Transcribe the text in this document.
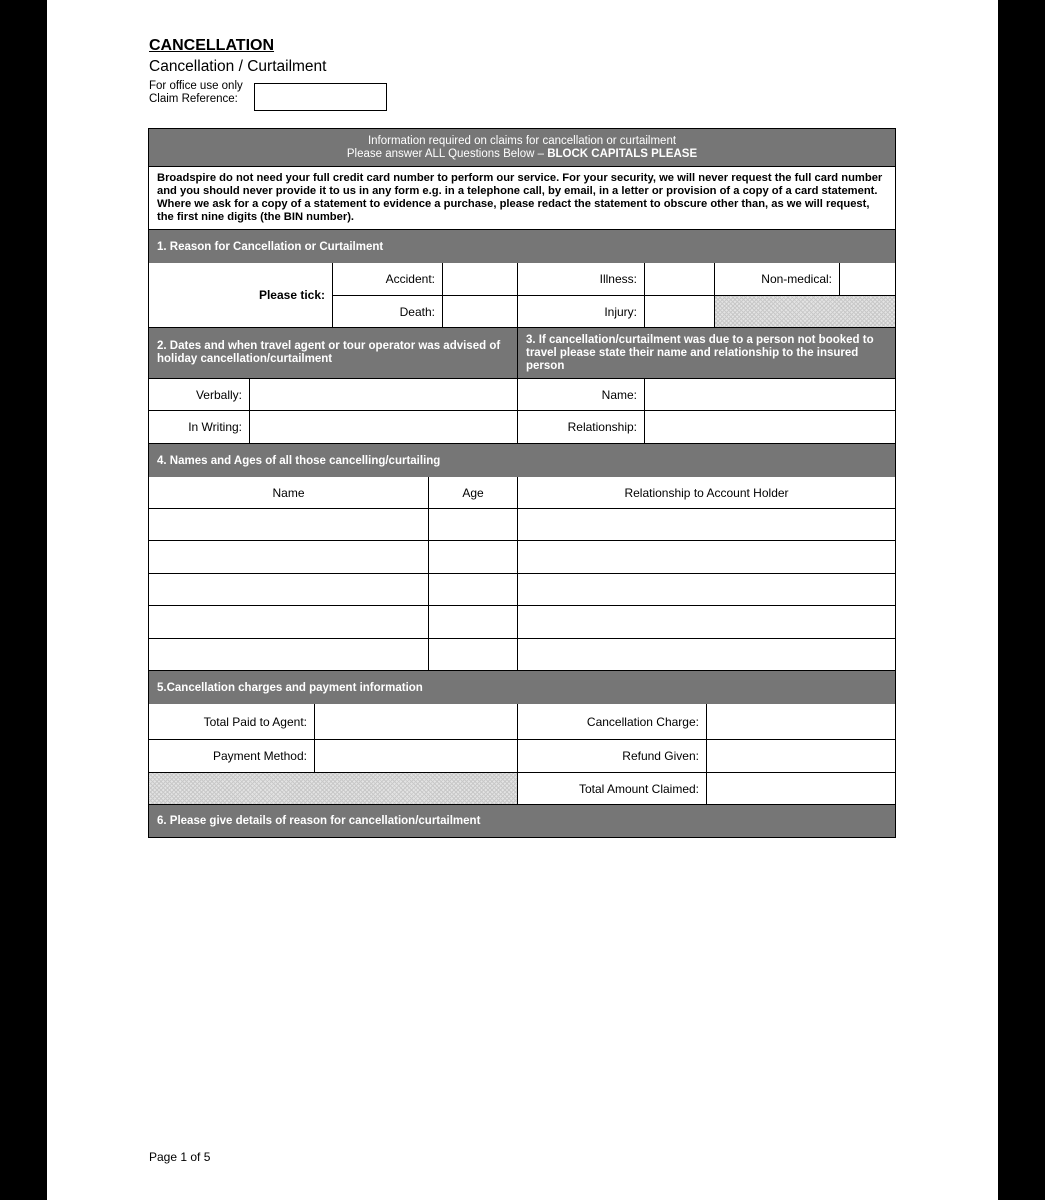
CANCELLATION
Cancellation / Curtailment
For office use only
Claim Reference:
Information required on claims for cancellation or curtailment
Please answer ALL Questions Below – BLOCK CAPITALS PLEASE
Broadspire do not need your full credit card number to perform our service. For your security, we will never request the full card number and you should never provide it to us in any form e.g. in a telephone call, by email, in a letter or provision of a copy of a card statement. Where we ask for a copy of a statement to evidence a purchase, please redact the statement to obscure other than, as we will request, the first nine digits (the BIN number).
1. Reason for Cancellation or Curtailment
Please tick:
Accident:	Illness:	Non-medical:
Death:	Injury:
2. Dates and when travel agent or tour operator was advised of holiday cancellation/curtailment
3. If cancellation/curtailment was due to a person not booked to travel please state their name and relationship to the insured person
Verbally:	Name:
In Writing:	Relationship:
4. Names and Ages of all those cancelling/curtailing
Name	Age	Relationship to Account Holder
5.Cancellation charges and payment information
Total Paid to Agent:	Cancellation Charge:
Payment Method:	Refund Given:
Total Amount Claimed:
6. Please give details of reason for cancellation/curtailment
Page 1 of 5
